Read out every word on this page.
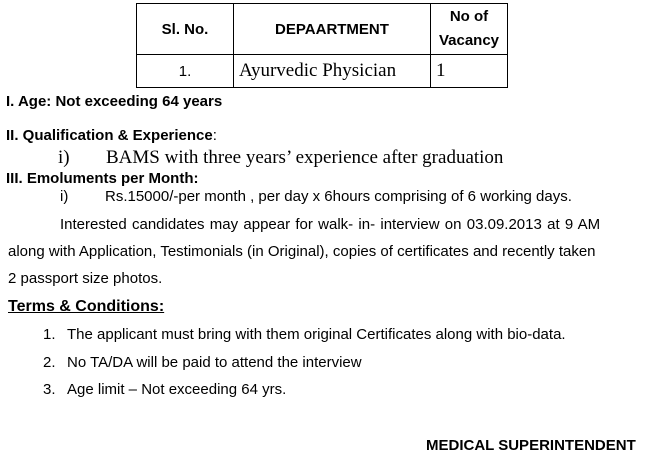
Sl. No.	DEPAARTMENT	No of
Vacancy

1.	Ayurvedic Physician	1
I. Age: Not exceeding 64 years
II. Qualification & Experience:
i) BAMS with three years’ experience after graduation
III. Emoluments per Month:
i) Rs.15000/-per month , per day x 6hours comprising of 6 working days.
Interested candidates may appear for walk- in- interview on 03.09.2013 at 9 AM
along with Application, Testimonials (in Original), copies of certificates and recently taken
2 passport size photos.
Terms & Conditions:
1. The applicant must bring with them original Certificates along with bio-data.
2. No TA/DA will be paid to attend the interview
3. Age limit – Not exceeding 64 yrs.
MEDICAL SUPERINTENDENT
